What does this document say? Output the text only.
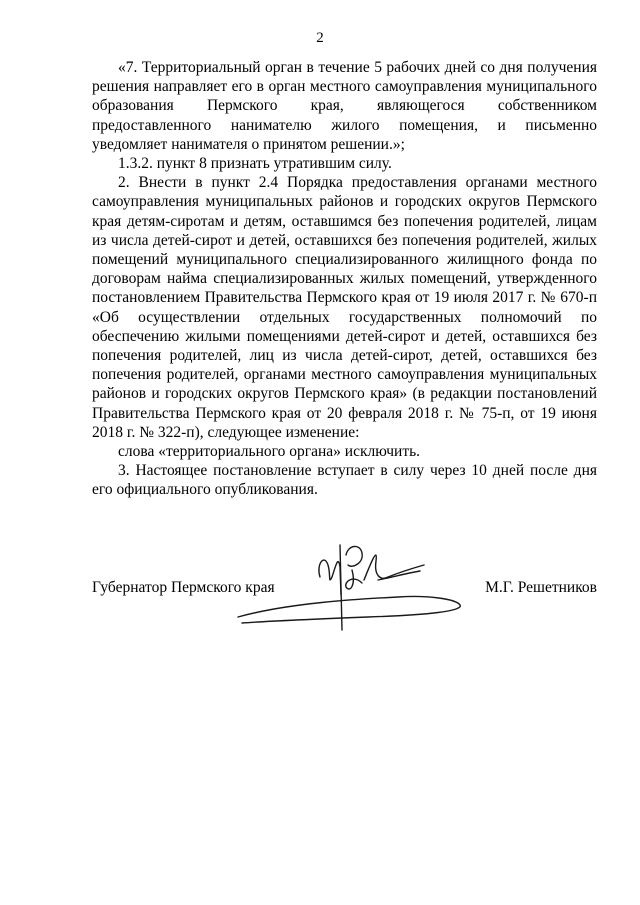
2

«7. Территориальный орган в течение 5 рабочих дней со дня получения решения направляет его в орган местного самоуправления муниципального образования Пермского края, являющегося собственником предоставленного нанимателю жилого помещения, и письменно уведомляет нанимателя о принятом решении.»;

1.3.2. пункт 8 признать утратившим силу.

2. Внести в пункт 2.4 Порядка предоставления органами местного самоуправления муниципальных районов и городских округов Пермского края детям-сиротам и детям, оставшимся без попечения родителей, лицам из числа детей-сирот и детей, оставшихся без попечения родителей, жилых помещений муниципального специализированного жилищного фонда по договорам найма специализированных жилых помещений, утвержденного постановлением Правительства Пермского края от 19 июля 2017 г. № 670-п «Об осуществлении отдельных государственных полномочий по обеспечению жилыми помещениями детей-сирот и детей, оставшихся без попечения родителей, лиц из числа детей-сирот, детей, оставшихся без попечения родителей, органами местного самоуправления муниципальных районов и городских округов Пермского края» (в редакции постановлений Правительства Пермского края от 20 февраля 2018 г. № 75-п, от 19 июня 2018 г. № 322-п), следующее изменение:

слова «территориального органа» исключить.

3. Настоящее постановление вступает в силу через 10 дней после дня его официального опубликования.

Губернатор Пермского края	М.Г. Решетников
